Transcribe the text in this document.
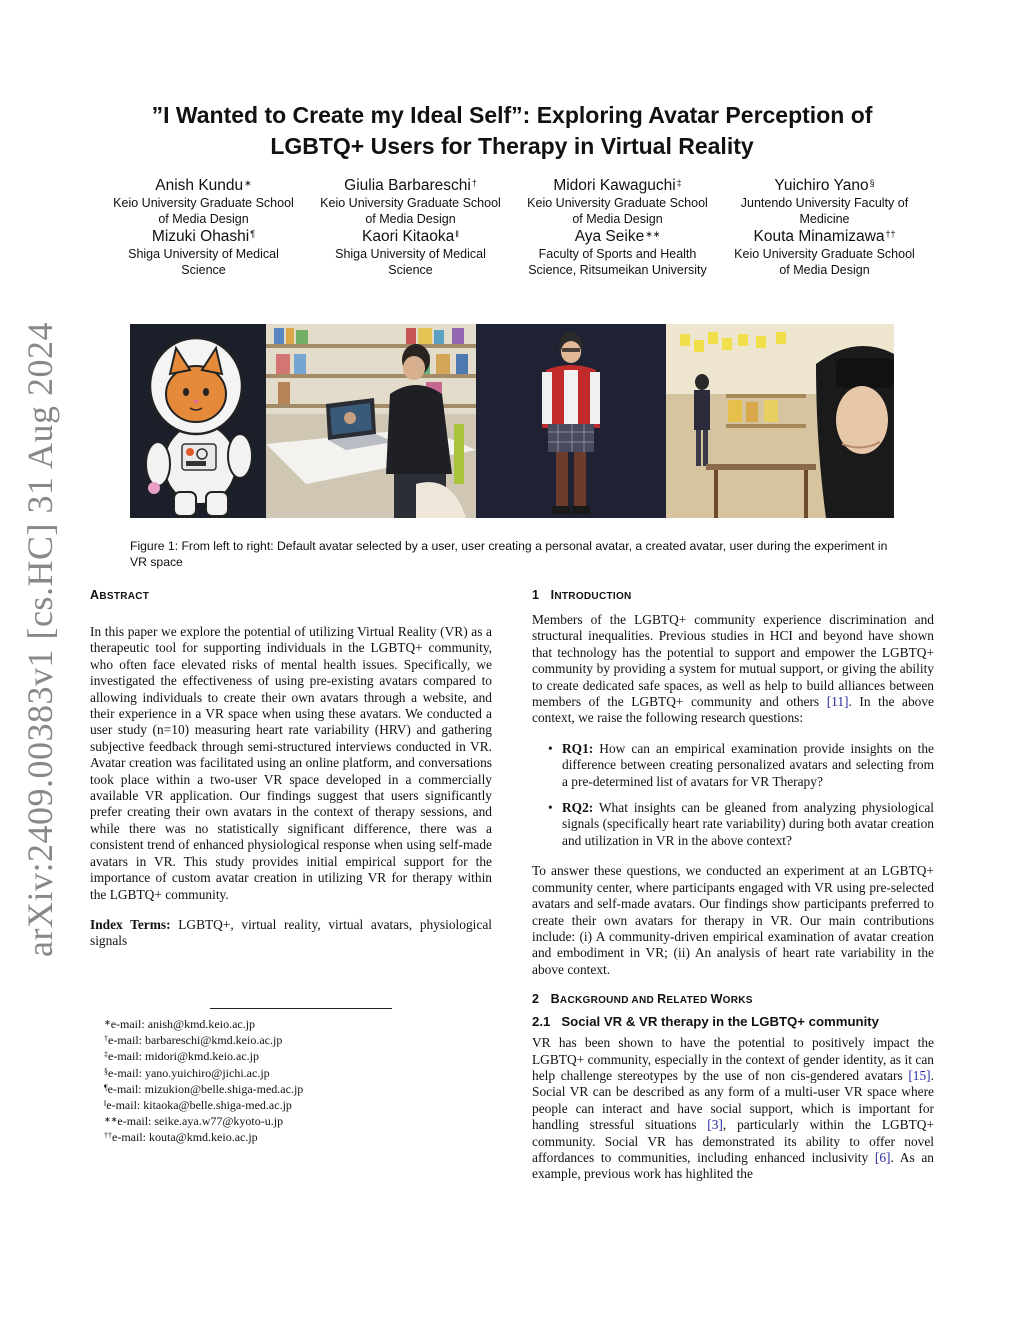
arXiv:2409.00383v1 [cs.HC] 31 Aug 2024
”I Wanted to Create my Ideal Self”: Exploring Avatar Perception of LGBTQ+ Users for Therapy in Virtual Reality
Anish Kundu∗
Keio University Graduate School of Media Design
Giulia Barbareschi†
Keio University Graduate School of Media Design
Midori Kawaguchi‡
Keio University Graduate School of Media Design
Yuichiro Yano§
Juntendo University Faculty of Medicine
Mizuki Ohashi¶
Shiga University of Medical Science
Kaori Kitaoka‖
Shiga University of Medical Science
Aya Seike∗∗
Faculty of Sports and Health Science, Ritsumeikan University
Kouta Minamizawa††
Keio University Graduate School of Media Design
Figure 1: From left to right: Default avatar selected by a user, user creating a personal avatar, a created avatar, user during the experiment in VR space
ABSTRACT

In this paper we explore the potential of utilizing Virtual Reality (VR) as a therapeutic tool for supporting individuals in the LGBTQ+ community, who often face elevated risks of mental health issues. Specifically, we investigated the effectiveness of using pre-existing avatars compared to allowing individuals to create their own avatars through a website, and their experience in a VR space when using these avatars. We conducted a user study (n=10) measuring heart rate variability (HRV) and gathering subjective feedback through semi-structured interviews conducted in VR. Avatar creation was facilitated using an online platform, and conversations took place within a two-user VR space developed in a commercially available VR application. Our findings suggest that users significantly prefer creating their own avatars in the context of therapy sessions, and while there was no statistically significant difference, there was a consistent trend of enhanced physiological response when using self-made avatars in VR. This study provides initial empirical support for the importance of custom avatar creation in utilizing VR for therapy within the LGBTQ+ community.

Index Terms: LGBTQ+, virtual reality, virtual avatars, physiological signals

∗e-mail: anish@kmd.keio.ac.jp
†e-mail: barbareschi@kmd.keio.ac.jp
‡e-mail: midori@kmd.keio.ac.jp
§e-mail: yano.yuichiro@jichi.ac.jp
¶e-mail: mizukion@belle.shiga-med.ac.jp
‖e-mail: kitaoka@belle.shiga-med.ac.jp
∗∗e-mail: seike.aya.w77@kyoto-u.jp
††e-mail: kouta@kmd.keio.ac.jp
1 INTRODUCTION

Members of the LGBTQ+ community experience discrimination and structural inequalities. Previous studies in HCI and beyond have shown that technology has the potential to support and empower the LGBTQ+ community by providing a system for mutual support, or giving the ability to create dedicated safe spaces, as well as help to build alliances between members of the LGBTQ+ community and others [11]. In the above context, we raise the following research questions:

• RQ1: How can an empirical examination provide insights on the difference between creating personalized avatars and selecting from a pre-determined list of avatars for VR Therapy?
• RQ2: What insights can be gleaned from analyzing physiological signals (specifically heart rate variability) during both avatar creation and utilization in VR in the above context?

To answer these questions, we conducted an experiment at an LGBTQ+ community center, where participants engaged with VR using pre-selected avatars and self-made avatars. Our findings show participants preferred to create their own avatars for therapy in VR. Our main contributions include: (i) A community-driven empirical examination of avatar creation and embodiment in VR; (ii) An analysis of heart rate variability in the above context.

2 BACKGROUND AND RELATED WORKS
2.1 Social VR & VR therapy in the LGBTQ+ community

VR has been shown to have the potential to positively impact the LGBTQ+ community, especially in the context of gender identity, as it can help challenge stereotypes by the use of non cis-gendered avatars [15]. Social VR can be described as any form of a multi-user VR space where people can interact and have social support, which is important for handling stressful situations [3], particularly within the LGBTQ+ community. Social VR has demonstrated its ability to offer novel affordances to communities, including enhanced inclusivity [6]. As an example, previous work has highlited the
